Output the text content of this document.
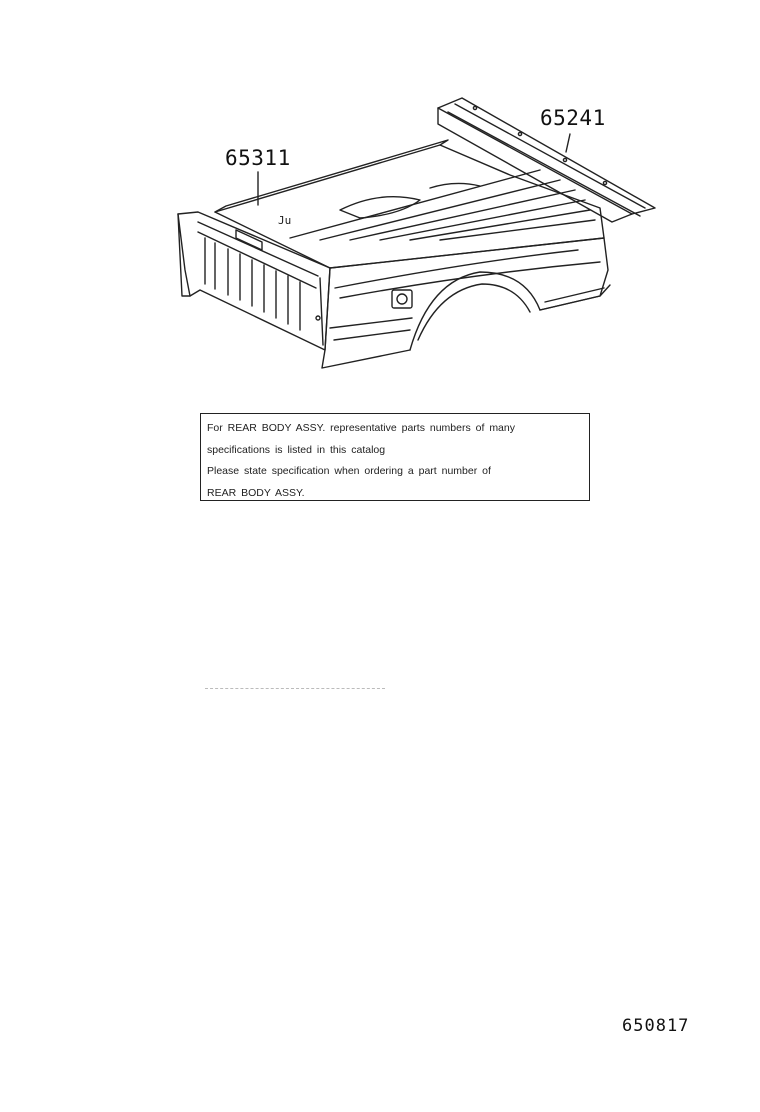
Ju
65311
65241
For REAR BODY ASSY. representative parts numbers of many
specifications is listed in this catalog
Please state specification when ordering a part number of
REAR BODY ASSY.
650817
